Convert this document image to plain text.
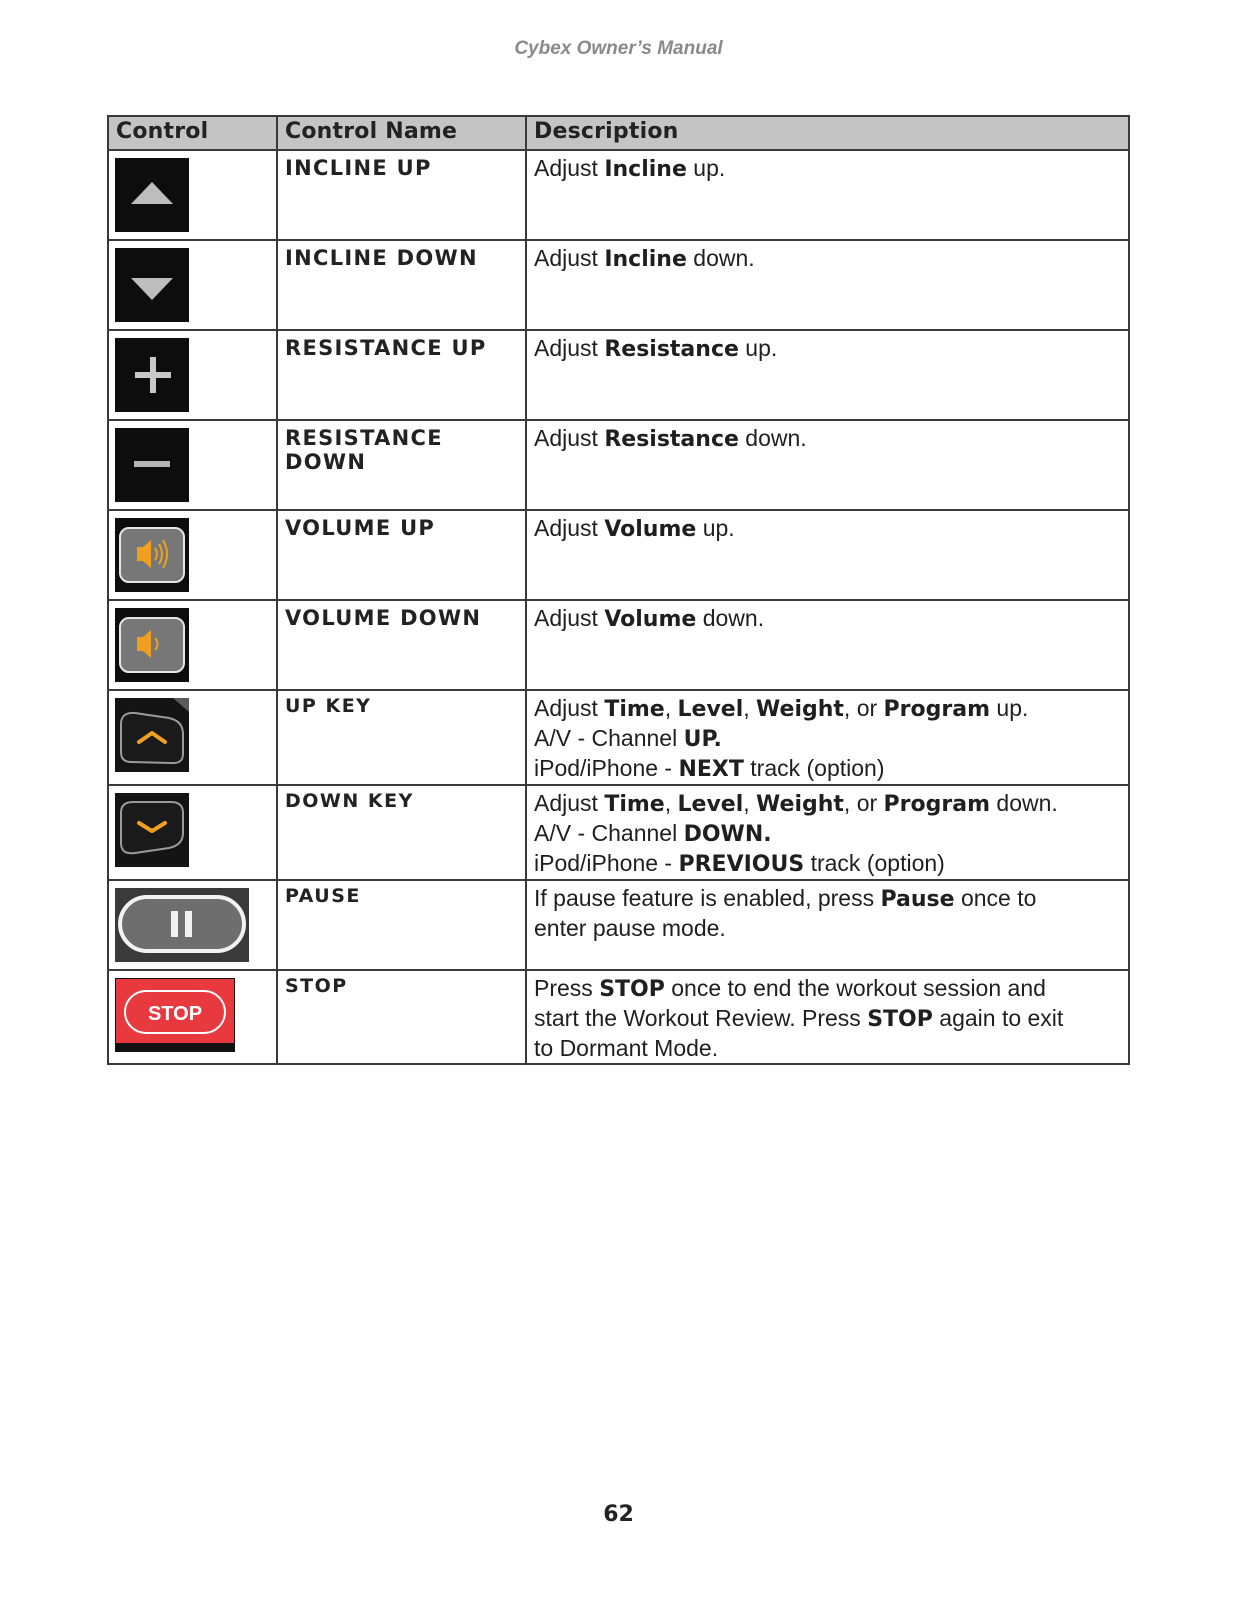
Cybex Owner’s Manual
Control	Control Name	Description

	INCLINE UP	Adjust Incline up.

	INCLINE DOWN	Adjust Incline down.

	RESISTANCE UP	Adjust Resistance up.

	RESISTANCE DOWN	Adjust Resistance down.

	VOLUME UP	Adjust Volume up.

	VOLUME DOWN	Adjust Volume down.

	UP KEY	Adjust Time, Level, Weight, or Program up.
A/V - Channel UP.
iPod/iPhone - NEXT track (option)

	DOWN KEY	Adjust Time, Level, Weight, or Program down.
A/V - Channel DOWN.
iPod/iPhone - PREVIOUS track (option)

	PAUSE	If pause feature is enabled, press Pause once to
enter pause mode.

STOP	STOP	Press STOP once to end the workout session and
start the Workout Review. Press STOP again to exit
to Dormant Mode.
62
